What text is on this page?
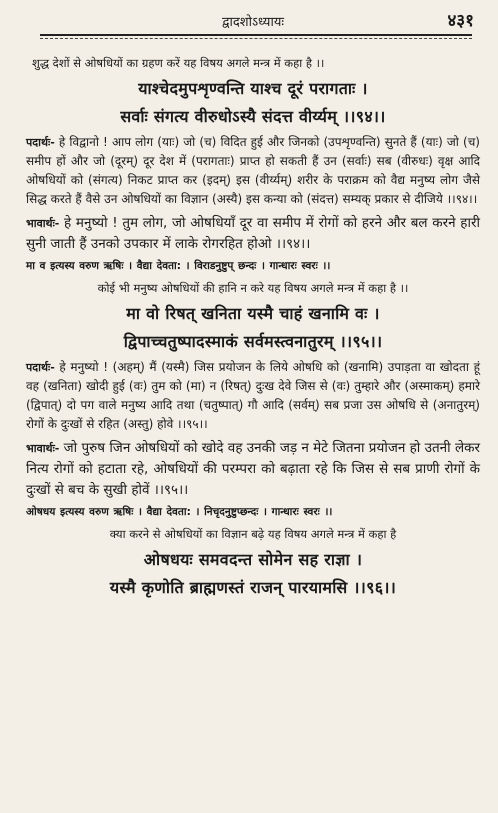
द्वादशोऽध्यायः	४३१
शुद्ध देशों से ओषधियों का ग्रहण करें यह विषय अगले मन्त्र में कहा है ।।
याश्चेदमुपशृण्वन्ति याश्च दूरं परागताः ।
सर्वाः संगत्य वीरुधोऽस्यै संदत्त वीर्य्यम् ।।९४।।
पदार्थः- हे विद्वानो ! आप लोग (याः) जो (च) विदित हुई और जिनको (उपशृण्वन्ति) सुनते हैं (याः) जो (च) समीप हों और जो (दूरम्) दूर देश में (परागताः) प्राप्त हो सकती हैं उन (सर्वाः) सब (वीरुधः) वृक्ष आदि ओषधियों को (संगत्य) निकट प्राप्त कर (इदम्) इस (वीर्य्यम्) शरीर के पराक्रम को वैद्य मनुष्य लोग जैसे सिद्ध करते हैं वैसे उन ओषधियों का विज्ञान (अस्यै) इस कन्या को (संदत्त) सम्यक् प्रकार से दीजिये ।।९४।।
भावार्थः- हे मनुष्यो ! तुम लोग, जो ओषधियाँ दूर वा समीप में रोगों को हरने और बल करने हारी सुनी जाती हैं उनको उपकार में लाके रोगरहित होओ ।।९४।।
मा व इत्यस्य वरुण ऋषिः । वैद्या देवता: । विराडनुष्टुप् छन्दः । गान्धारः स्वरः ।।
कोई भी मनुष्य ओषधियों की हानि न करे यह विषय अगले मन्त्र में कहा है ।।
मा वो रिषत् खनिता यस्मै चाहं खनामि वः ।
द्विपाच्चतुष्पादस्माकं सर्वमस्त्वनातुरम् ।।९५।।
पदार्थः- हे मनुष्यो ! (अहम्) मैं (यस्मै) जिस प्रयोजन के लिये ओषधि को (खनामि) उपाड़ता वा खोदता हूं वह (खनिता) खोदी हुई (वः) तुम को (मा) न (रिषत्) दुःख देवे जिस से (वः) तुम्हारे और (अस्माकम्) हमारे (द्विपात्) दो पग वाले मनुष्य आदि तथा (चतुष्पात्) गौ आदि (सर्वम्) सब प्रजा उस ओषधि से (अनातुरम्) रोगों के दुःखों से रहित (अस्तु) होवे ।।९५।।
भावार्थः- जो पुरुष जिन ओषधियों को खोदे वह उनकी जड़ न मेटे जितना प्रयोजन हो उतनी लेकर नित्य रोगों को हटाता रहे, ओषधियों की परम्परा को बढ़ाता रहे कि जिस से सब प्राणी रोगों के दुःखों से बच के सुखी होवें ।।९५।।
ओषधय इत्यस्य वरुण ऋषिः । वैद्या देवता: । निचृदनुष्टुप्छन्दः । गान्धारः स्वरः ।।
क्या करने से ओषधियों का विज्ञान बढ़े यह विषय अगले मन्त्र में कहा है
ओषधयः समवदन्त सोमेन सह राज्ञा ।
यस्मै कृणोति ब्राह्मणस्तं राजन् पारयामसि ।।९६।।
